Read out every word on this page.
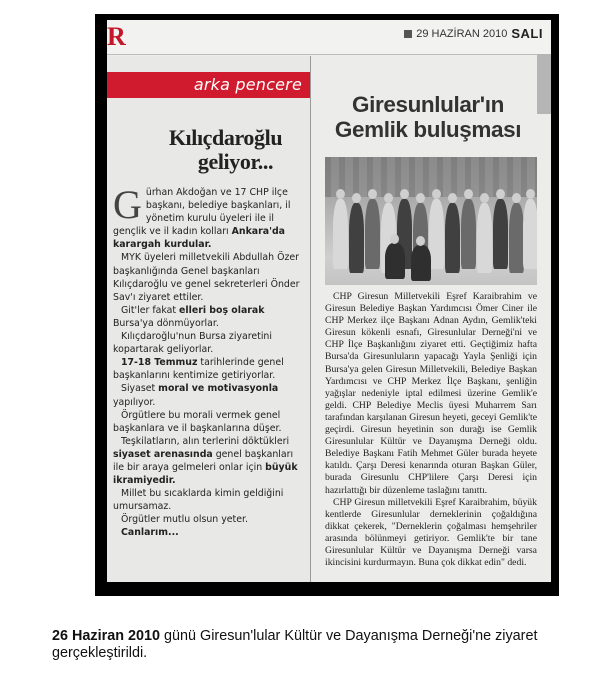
R	29 HAZİRAN 2010 SALI
arka pencere
Kılıçdaroğlu
geliyor...

Gürhan Akdoğan ve 17 CHP ilçe başkanı, belediye başkanları, il yönetim kurulu üyeleri ile il gençlik ve il kadın kolları Ankara'da karargah kurdular.

MYK üyeleri milletvekili Abdullah Özer başkanlığında Genel başkanları Kılıçdaroğlu ve genel sekreterleri Önder Sav'ı ziyaret ettiler.

Git'ler fakat elleri boş olarak Bursa'ya dönmüyorlar.

Kılıçdaroğlu'nun Bursa ziyaretini kopartarak geliyorlar.

17-18 Temmuz tarihlerinde genel başkanlarını kentimize getiriyorlar.

Siyaset moral ve motivasyonla yapılıyor.

Örgütlere bu morali vermek genel başkanlara ve il başkanlarına düşer.

Teşkilatların, alın terlerini döktükleri siyaset arenasında genel başkanları ile bir araya gelmeleri onlar için büyük ikramiyedir.

Millet bu sıcaklarda kimin geldiğini umursamaz.

Örgütler mutlu olsun yeter.

Canlarım...

Giresunlular'ın
Gemlik buluşması

CHP Giresun Milletvekili Eşref Karaibrahim ve Giresun Belediye Başkan Yardımcısı Ömer Ciner ile CHP Merkez ilçe Başkanı Adnan Aydın, Gemlik'teki Giresun kökenli esnafı, Giresunlular Derneği'ni ve CHP İlçe Başkanlığını ziyaret etti. Geçtiğimiz hafta Bursa'da Giresunluların yapacağı Yayla Şenliği için Bursa'ya gelen Giresun Milletvekili, Belediye Başkan Yardımcısı ve CHP Merkez İlçe Başkanı, şenliğin yağışlar nedeniyle iptal edilmesi üzerine Gemlik'e geldi. CHP Belediye Meclis üyesi Muharrem Sarı tarafından karşılanan Giresun heyeti, geceyi Gemlik'te geçirdi. Giresun heyetinin son durağı ise Gemlik Giresunlular Kültür ve Dayanışma Derneği oldu. Belediye Başkanı Fatih Mehmet Güler burada heyete katıldı. Çarşı Deresi kenarında oturan Başkan Güler, burada Giresunlu CHP'lilere Çarşı Deresi için hazırlattığı bir düzenleme taslağını tanıttı.

CHP Giresun milletvekili Eşref Karaibrahim, büyük kentlerde Giresunlular derneklerinin çoğaldığına dikkat çekerek, "Derneklerin çoğalması hemşehriler arasında bölünmeyi getiriyor. Gemlik'te bir tane Giresunlular Kültür ve Dayanışma Derneği varsa ikincisini kurdurmayın. Buna çok dikkat edin" dedi.

26 Haziran 2010 günü Giresun'lular Kültür ve Dayanışma Derneği'ne ziyaret gerçekleştirildi.
